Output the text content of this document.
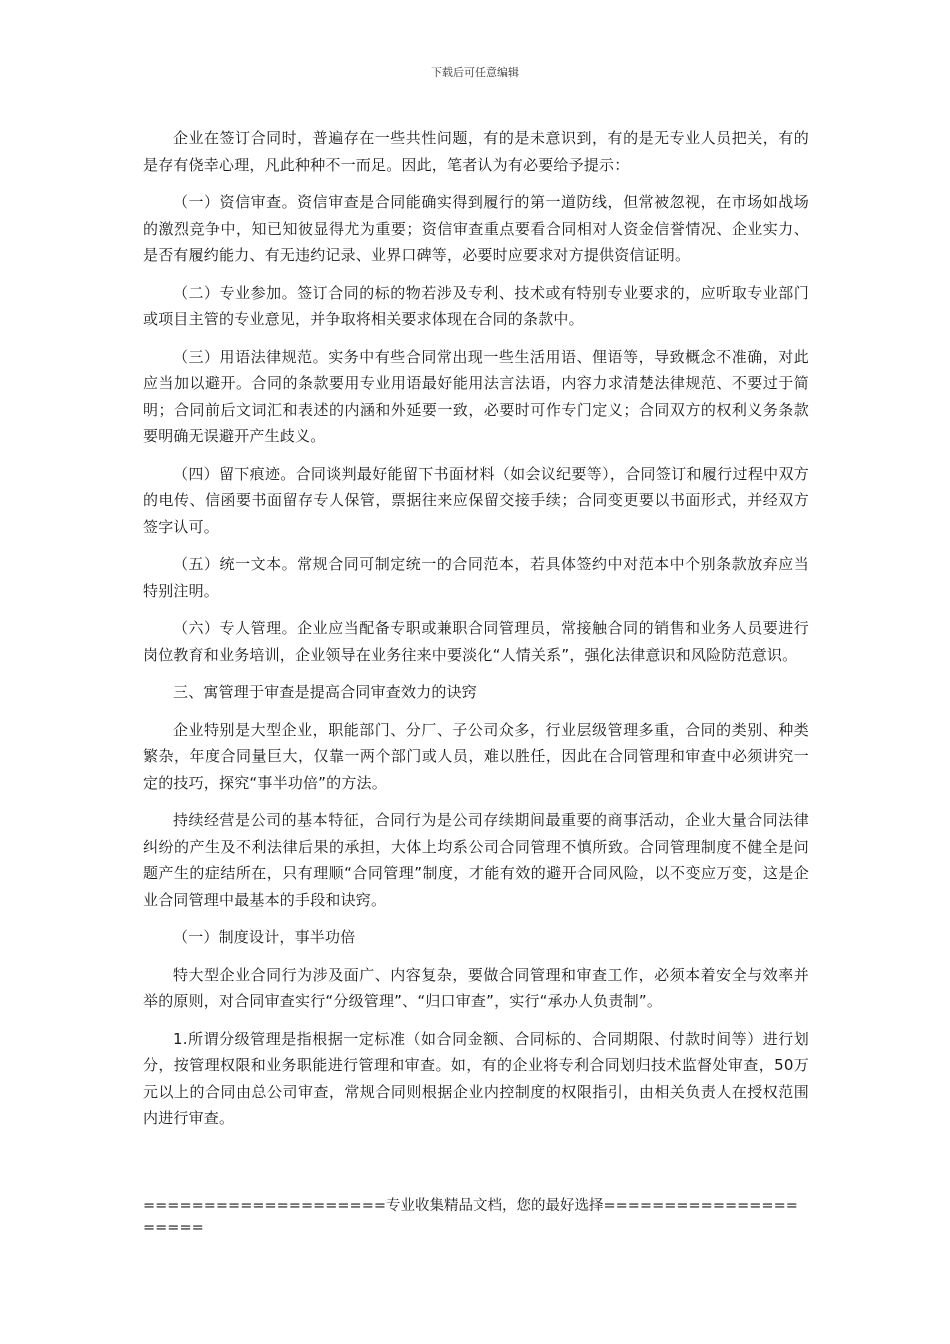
下载后可任意编辑

企业在签订合同时，普遍存在一些共性问题，有的是未意识到，有的是无专业人员把关，有的是存有侥幸心理，凡此种种不一而足。因此，笔者认为有必要给予提示：

（一）资信审查。资信审查是合同能确实得到履行的第一道防线，但常被忽视，在市场如战场的激烈竞争中，知已知彼显得尤为重要；资信审查重点要看合同相对人资金信誉情况、企业实力、是否有履约能力、有无违约记录、业界口碑等，必要时应要求对方提供资信证明。

（二）专业参加。签订合同的标的物若涉及专利、技术或有特别专业要求的，应听取专业部门或项目主管的专业意见，并争取将相关要求体现在合同的条款中。

（三）用语法律规范。实务中有些合同常出现一些生活用语、俚语等，导致概念不准确，对此应当加以避开。合同的条款要用专业用语最好能用法言法语，内容力求清楚法律规范、不要过于简明；合同前后文词汇和表述的内涵和外延要一致，必要时可作专门定义；合同双方的权利义务条款要明确无误避开产生歧义。

（四）留下痕迹。合同谈判最好能留下书面材料（如会议纪要等），合同签订和履行过程中双方的电传、信函要书面留存专人保管，票据往来应保留交接手续；合同变更要以书面形式，并经双方签字认可。

（五）统一文本。常规合同可制定统一的合同范本，若具体签约中对范本中个别条款放弃应当特别注明。

（六）专人管理。企业应当配备专职或兼职合同管理员，常接触合同的销售和业务人员要进行岗位教育和业务培训，企业领导在业务往来中要淡化“人情关系”，强化法律意识和风险防范意识。

三、寓管理于审查是提高合同审查效力的诀窍

企业特别是大型企业，职能部门、分厂、子公司众多，行业层级管理多重，合同的类别、种类繁杂，年度合同量巨大，仅靠一两个部门或人员，难以胜任，因此在合同管理和审查中必须讲究一定的技巧，探究“事半功倍”的方法。

持续经营是公司的基本特征，合同行为是公司存续期间最重要的商事活动，企业大量合同法律纠纷的产生及不利法律后果的承担，大体上均系公司合同管理不慎所致。合同管理制度不健全是问题产生的症结所在，只有理顺“合同管理”制度，才能有效的避开合同风险，以不变应万变，这是企业合同管理中最基本的手段和诀窍。

（一）制度设计，事半功倍

特大型企业合同行为涉及面广、内容复杂，要做合同管理和审查工作，必须本着安全与效率并举的原则，对合同审查实行“分级管理”、“归口审查”，实行“承办人负责制”。

1.所谓分级管理是指根据一定标准（如合同金额、合同标的、合同期限、付款时间等）进行划分，按管理权限和业务职能进行管理和审查。如，有的企业将专利合同划归技术监督处审查，50万元以上的合同由总公司审查，常规合同则根据企业内控制度的权限指引，由相关负责人在授权范围内进行审查。

====================专业收集精品文档，您的最好选择=====================
